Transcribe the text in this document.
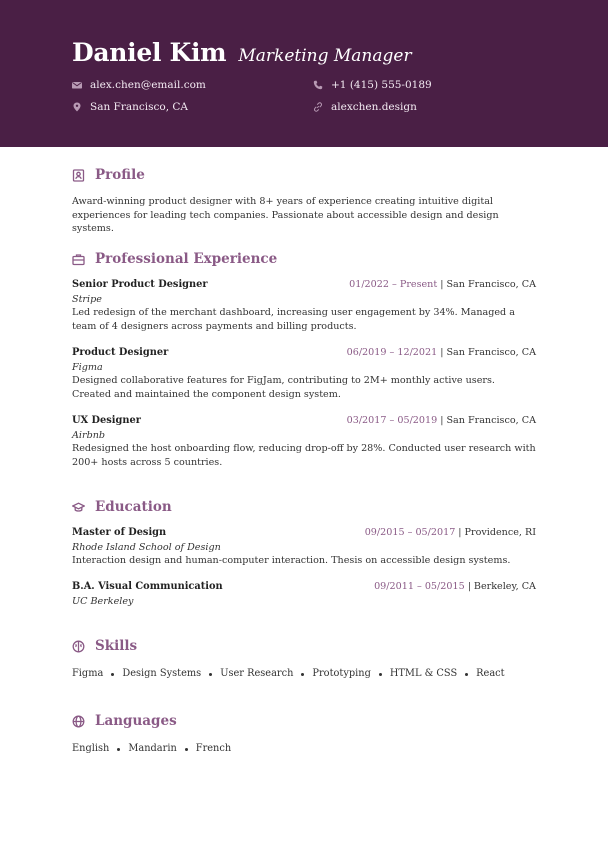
Daniel Kim Marketing Manager
alex.chen@email.com
San Francisco, CA
+1 (415) 555-0189
alexchen.design
Profile

Award-winning product designer with 8+ years of experience creating intuitive digital experiences for leading tech companies. Passionate about accessible design and design systems.

Professional Experience
Senior Product Designer	01/2022 – Present | San Francisco, CA
Stripe
Led redesign of the merchant dashboard, increasing user engagement by 34%. Managed a team of 4 designers across payments and billing products.
Product Designer	06/2019 – 12/2021 | San Francisco, CA
Figma
Designed collaborative features for FigJam, contributing to 2M+ monthly active users. Created and maintained the component design system.
UX Designer	03/2017 – 05/2019 | San Francisco, CA
Airbnb
Redesigned the host onboarding flow, reducing drop-off by 28%. Conducted user research with 200+ hosts across 5 countries.
Education
Master of Design	09/2015 – 05/2017 | Providence, RI
Rhode Island School of Design
Interaction design and human-computer interaction. Thesis on accessible design systems.
B.A. Visual Communication	09/2011 – 05/2015 | Berkeley, CA
UC Berkeley
Skills
Figma Design Systems User Research Prototyping HTML & CSS React
Languages
English Mandarin French
